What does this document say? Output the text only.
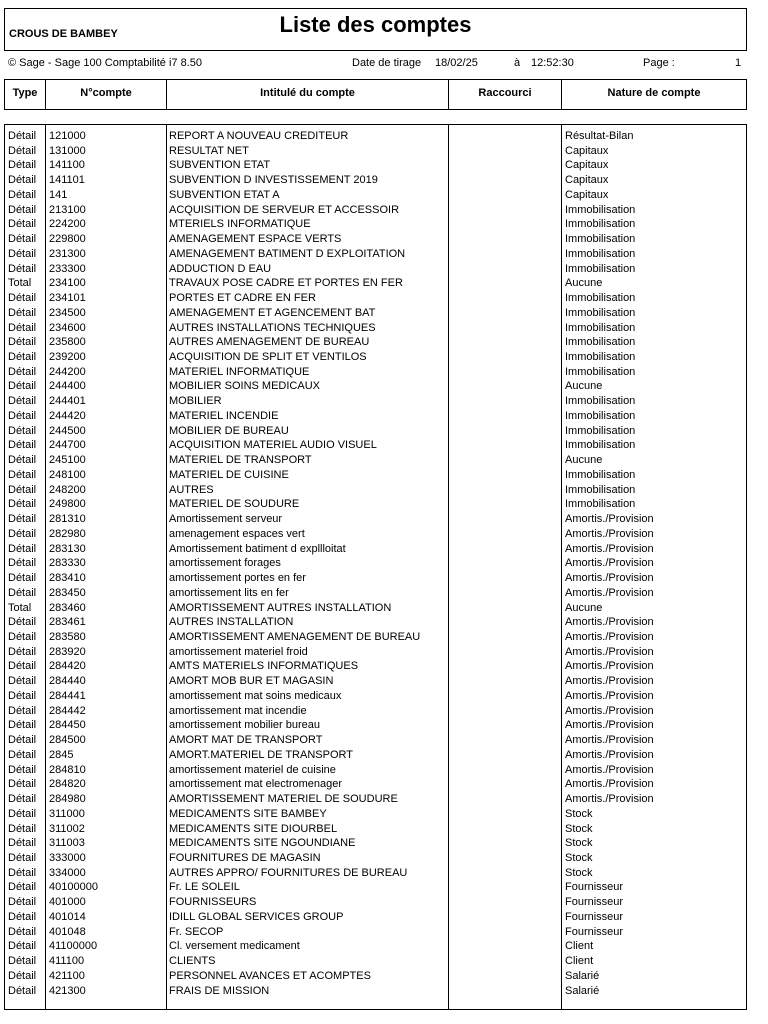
CROUS DE BAMBEY	Liste des comptes
© Sage - Sage 100 Comptabilité i7 8.50	Date de tirage 18/02/25	à 12:52:30	Page :	1
Type	N°compte	Intitulé du compte	Raccourci	Nature de compte
Détail 121000	REPORT A NOUVEAU CREDITEUR	Résultat-Bilan
Détail 131000	RESULTAT NET	Capitaux
Détail 141100	SUBVENTION ETAT	Capitaux
Détail 141101	SUBVENTION D INVESTISSEMENT 2019	Capitaux
Détail 141	SUBVENTION ETAT A	Capitaux
Détail 213100	ACQUISITION DE SERVEUR ET ACCESSOIR	Immobilisation
Détail 224200	MTERIELS INFORMATIQUE	Immobilisation
Détail 229800	AMENAGEMENT ESPACE VERTS	Immobilisation
Détail 231300	AMENAGEMENT BATIMENT D EXPLOITATION	Immobilisation
Détail 233300	ADDUCTION D EAU	Immobilisation
Total 234100	TRAVAUX POSE CADRE ET PORTES EN FER	Aucune
Détail 234101	PORTES ET CADRE EN FER	Immobilisation
Détail 234500	AMENAGEMENT ET AGENCEMENT BAT	Immobilisation
Détail 234600	AUTRES INSTALLATIONS TECHNIQUES	Immobilisation
Détail 235800	AUTRES AMENAGEMENT DE BUREAU	Immobilisation
Détail 239200	ACQUISITION DE SPLIT ET VENTILOS	Immobilisation
Détail 244200	MATERIEL INFORMATIQUE	Immobilisation
Détail 244400	MOBILIER SOINS MEDICAUX	Aucune
Détail 244401	MOBILIER	Immobilisation
Détail 244420	MATERIEL INCENDIE	Immobilisation
Détail 244500	MOBILIER DE BUREAU	Immobilisation
Détail 244700	ACQUISITION MATERIEL AUDIO VISUEL	Immobilisation
Détail 245100	MATERIEL DE TRANSPORT	Aucune
Détail 248100	MATERIEL DE CUISINE	Immobilisation
Détail 248200	AUTRES	Immobilisation
Détail 249800	MATERIEL DE SOUDURE	Immobilisation
Détail 281310	Amortissement serveur	Amortis./Provision
Détail 282980	amenagement espaces vert	Amortis./Provision
Détail 283130	Amortissement batiment d expllloitat	Amortis./Provision
Détail 283330	amortissement forages	Amortis./Provision
Détail 283410	amortissement portes en fer	Amortis./Provision
Détail 283450	amortissement lits en fer	Amortis./Provision
Total 283460	AMORTISSEMENT AUTRES INSTALLATION	Aucune
Détail 283461	AUTRES INSTALLATION	Amortis./Provision
Détail 283580	AMORTISSEMENT AMENAGEMENT DE BUREAU	Amortis./Provision
Détail 283920	amortissement materiel froid	Amortis./Provision
Détail 284420	AMTS MATERIELS INFORMATIQUES	Amortis./Provision
Détail 284440	AMORT MOB BUR ET MAGASIN	Amortis./Provision
Détail 284441	amortissement mat soins medicaux	Amortis./Provision
Détail 284442	amortissement mat incendie	Amortis./Provision
Détail 284450	amortissement mobilier bureau	Amortis./Provision
Détail 284500	AMORT MAT DE TRANSPORT	Amortis./Provision
Détail 2845	AMORT.MATERIEL DE TRANSPORT	Amortis./Provision
Détail 284810	amortissement materiel de cuisine	Amortis./Provision
Détail 284820	amortissement mat electromenager	Amortis./Provision
Détail 284980	AMORTISSEMENT MATERIEL DE SOUDURE	Amortis./Provision
Détail 311000	MEDICAMENTS SITE BAMBEY	Stock
Détail 311002	MEDICAMENTS SITE DIOURBEL	Stock
Détail 311003	MEDICAMENTS SITE NGOUNDIANE	Stock
Détail 333000	FOURNITURES DE MAGASIN	Stock
Détail 334000	AUTRES APPRO/ FOURNITURES DE BUREAU	Stock
Détail 40100000	Fr. LE SOLEIL	Fournisseur
Détail 401000	FOURNISSEURS	Fournisseur
Détail 401014	IDILL GLOBAL SERVICES GROUP	Fournisseur
Détail 401048	Fr. SECOP	Fournisseur
Détail 41100000	Cl. versement medicament	Client
Détail 411100	CLIENTS	Client
Détail 421100	PERSONNEL AVANCES ET ACOMPTES	Salarié
Détail 421300	FRAIS DE MISSION	Salarié
